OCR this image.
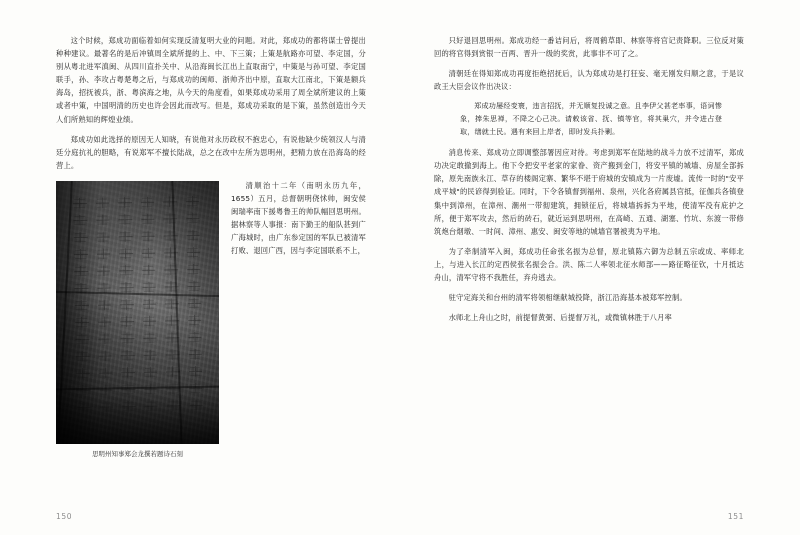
这个时候，郑成功面临着如何实现反清复明大业的问题。对此，郑成功的都将谋士曾提出种种建议。最著名的是后冲镇周全斌所提的上、中、下三策；上策是航路亦可望、李定国，分别从粤北进军滇闽、从四川直扑关中、从沿海闽长江出上直取南宁，中策是与孙可望、李定国联手，孙、李攻占粤楚粤之后，与郑成功的闽师、浙帅齐出中原，直取大江南北，下策是额兵海岛，招抚被兵，浙、粤滨海之地，从今天的角度看，如果郑成功采用了周全斌所建议的上策或者中策，中国明清的历史也许会因此而改写。但是，郑成功采取的是下策，虽然创造出今天人们所熟知的辉煌业绩。

郑成功如此选择的原因无人知晓，有说他对永历政权不抱忠心，有说他缺少统领汉人与清廷分庭抗礼的胆略，有说郑军不擅长陆战，总之在改中左所为思明州，把精力放在沿海岛的经营上。

思明州知事郑会龙撰若题诗石刻

清顺治十二年（南明永历九年，1655）五月，总督朝明侥怵帅，闽安侯闽瑞率南下援粤鲁王的帅队幅回思明州。据林察等人事报：南下勤王的船队甚到广广海城时，由广东参定国的军队已被清军打败、退回广西，因与李定国联系不上，

150

只好退回思明州。郑成功经一番诘问后，将周鹤草即、林察等将官记责降职。三位反对策回的将官得到赏银一百两、晋升一级的奖赏，此事非不可了之。

清朝廷在得知郑成功再度拒绝招抚后，认为郑成功是打狂妄、毫无刚发归顺之意，于是议政王大臣会议作出决议：

郑成功屡经变寰，违言招抚，并无顺复投诚之意。且李伊父甚老率事，语词惨象，捧朱思禅，不降之心己决。请敕该省、抚、镇等官，将其巢穴，并令进占登取，缮就土民。遇有来回上岸者，即时发兵扑剿。

消息传来、郑成功立即调整部署因应对待。考虑到郑军在陆地的战斗力放不过清军，郑成功决定敢撤到海上。他下令把安平老家的家眷、资产搬到金门，将安平镇的城墙、房屋全部拆除，原先南族永江、草存的楼阁定寨、繁华不堪于府城的安镇成为一片废墟。流传一时的"安平成平城"的民谚得到验证。同时，下令各镇督到福州、泉州，兴化各府属县官抵，征伽兵各镇登集中到漳州，在漳州、潮州一带彻建筑，拥锁征后，将城墙拆拆为平地，使清军没有庇护之所，便于郑军攻去，然后的砖石，就近运到思明州，在高崎、五通、湖塞、竹坑、东渡一带修筑炮台烟墩、一时间、漳州、惠安、闽安等地的城墙官署被夷为平地。

为了牵制清军入闽，郑成功任命张名振为总督，原北镇陈六御为总制五宗或成、率师北上，与进入长江的定西侯张名振会合。洪、陈二人率领北征水师部——路征略征钦，十月抵达舟山，清军守将不我胜任，弃舟逃去。

驻守定海关和台州的清军将领相继献城投降，浙江沿海基本被郑军控制。

水师北上舟山之时，前提督黄弼、后提督万礼，或微镇林胜于八月率

151
